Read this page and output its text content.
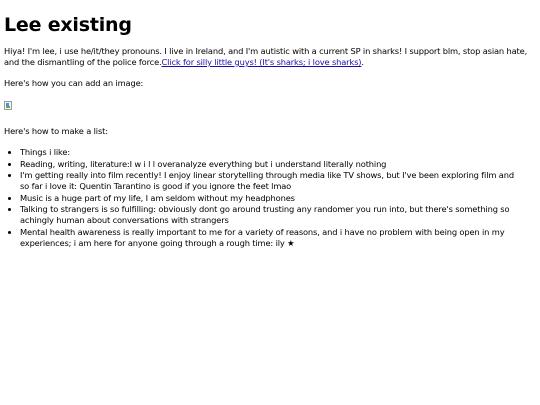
Lee existing

Hiya! I'm lee, i use he/it/they pronouns. I live in Ireland, and I'm autistic with a current SP in sharks! I support blm, stop asian hate, and the dismantling of the police force.Click for silly little guys! (It's sharks; i love sharks).

Here's how you can add an image:

Here's how to make a list:

• Things i like:
• Reading, writing, literature:I w i l l overanalyze everything but i understand literally nothing
• I'm getting really into film recently! I enjoy linear storytelling through media like TV shows, but I've been exploring film and so far i love it: Quentin Tarantino is good if you ignore the feet lmao
• Music is a huge part of my life, I am seldom without my headphones
• Talking to strangers is so fulfilling: obviously dont go around trusting any randomer you run into, but there's something so achingly human about conversations with strangers
• Mental health awareness is really important to me for a variety of reasons, and i have no problem with being open in my experiences; i am here for anyone going through a rough time: ily ★
